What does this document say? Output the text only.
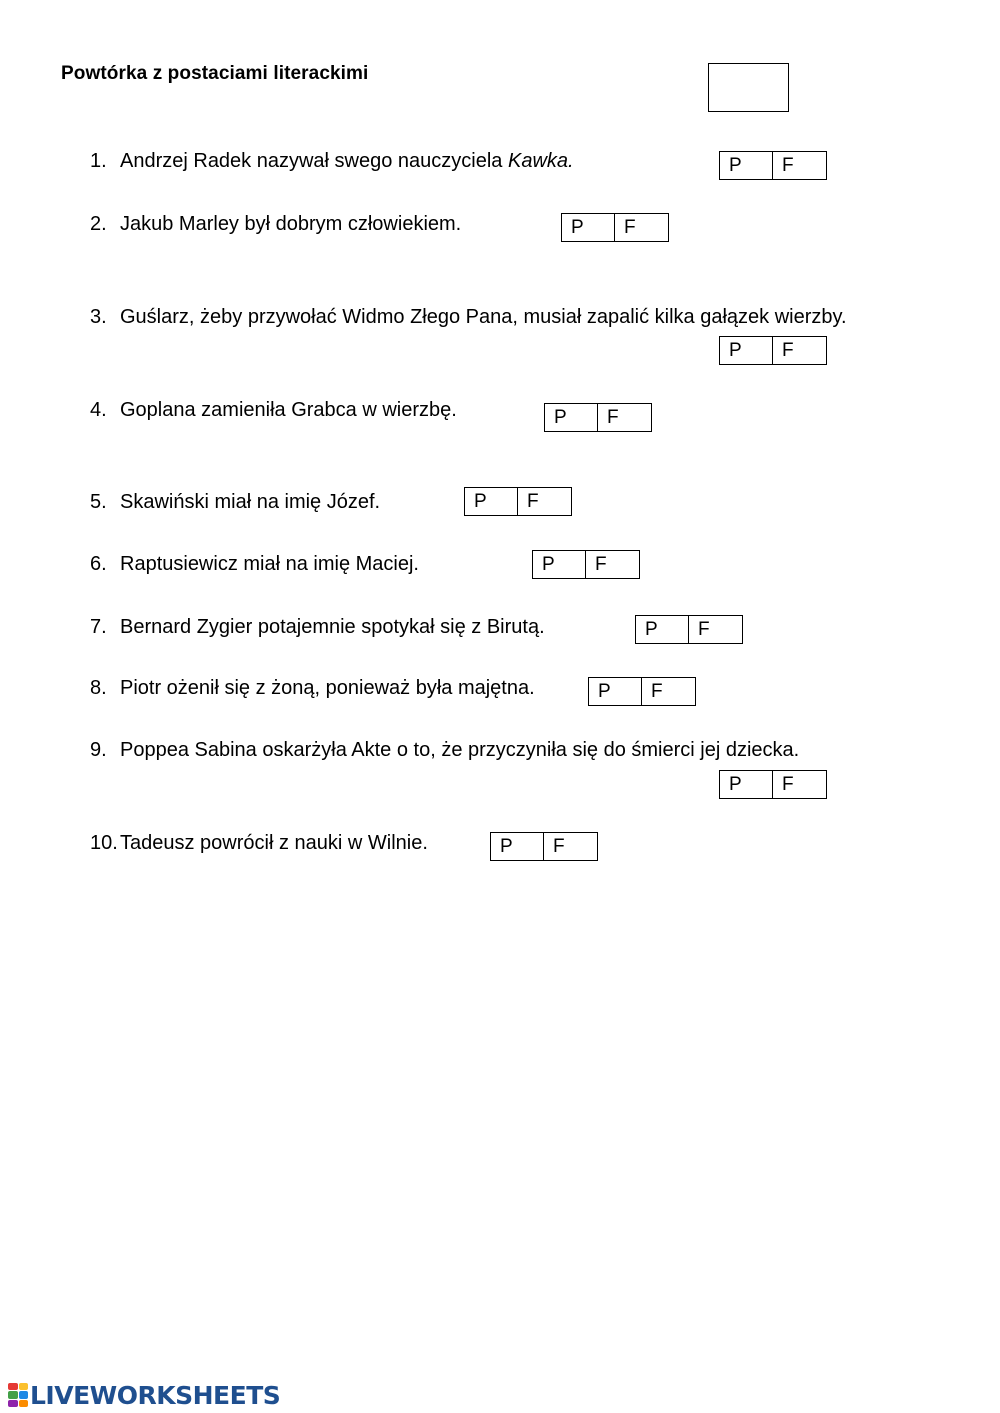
Powtórka z postaciami literackimi
1. Andrzej Radek nazywał swego nauczyciela Kawka.	P	F
2. Jakub Marley był dobrym człowiekiem.	P	F
3. Guślarz, żeby przywołać Widmo Złego Pana, musiał zapalić kilka gałązek wierzby.
P	F
4. Goplana zamieniła Grabca w wierzbę.	P	F
5. Skawiński miał na imię Józef.	P	F
6. Raptusiewicz miał na imię Maciej.	P	F
7. Bernard Zygier potajemnie spotykał się z Birutą.	P	F
8. Piotr ożenił się z żoną, ponieważ była majętna.	P	F
9. Poppea Sabina oskarżyła Akte o to, że przyczyniła się do śmierci jej dziecka.
P	F
10. Tadeusz powrócił z nauki w Wilnie.	P	F
LIVEWORKSHEETS
